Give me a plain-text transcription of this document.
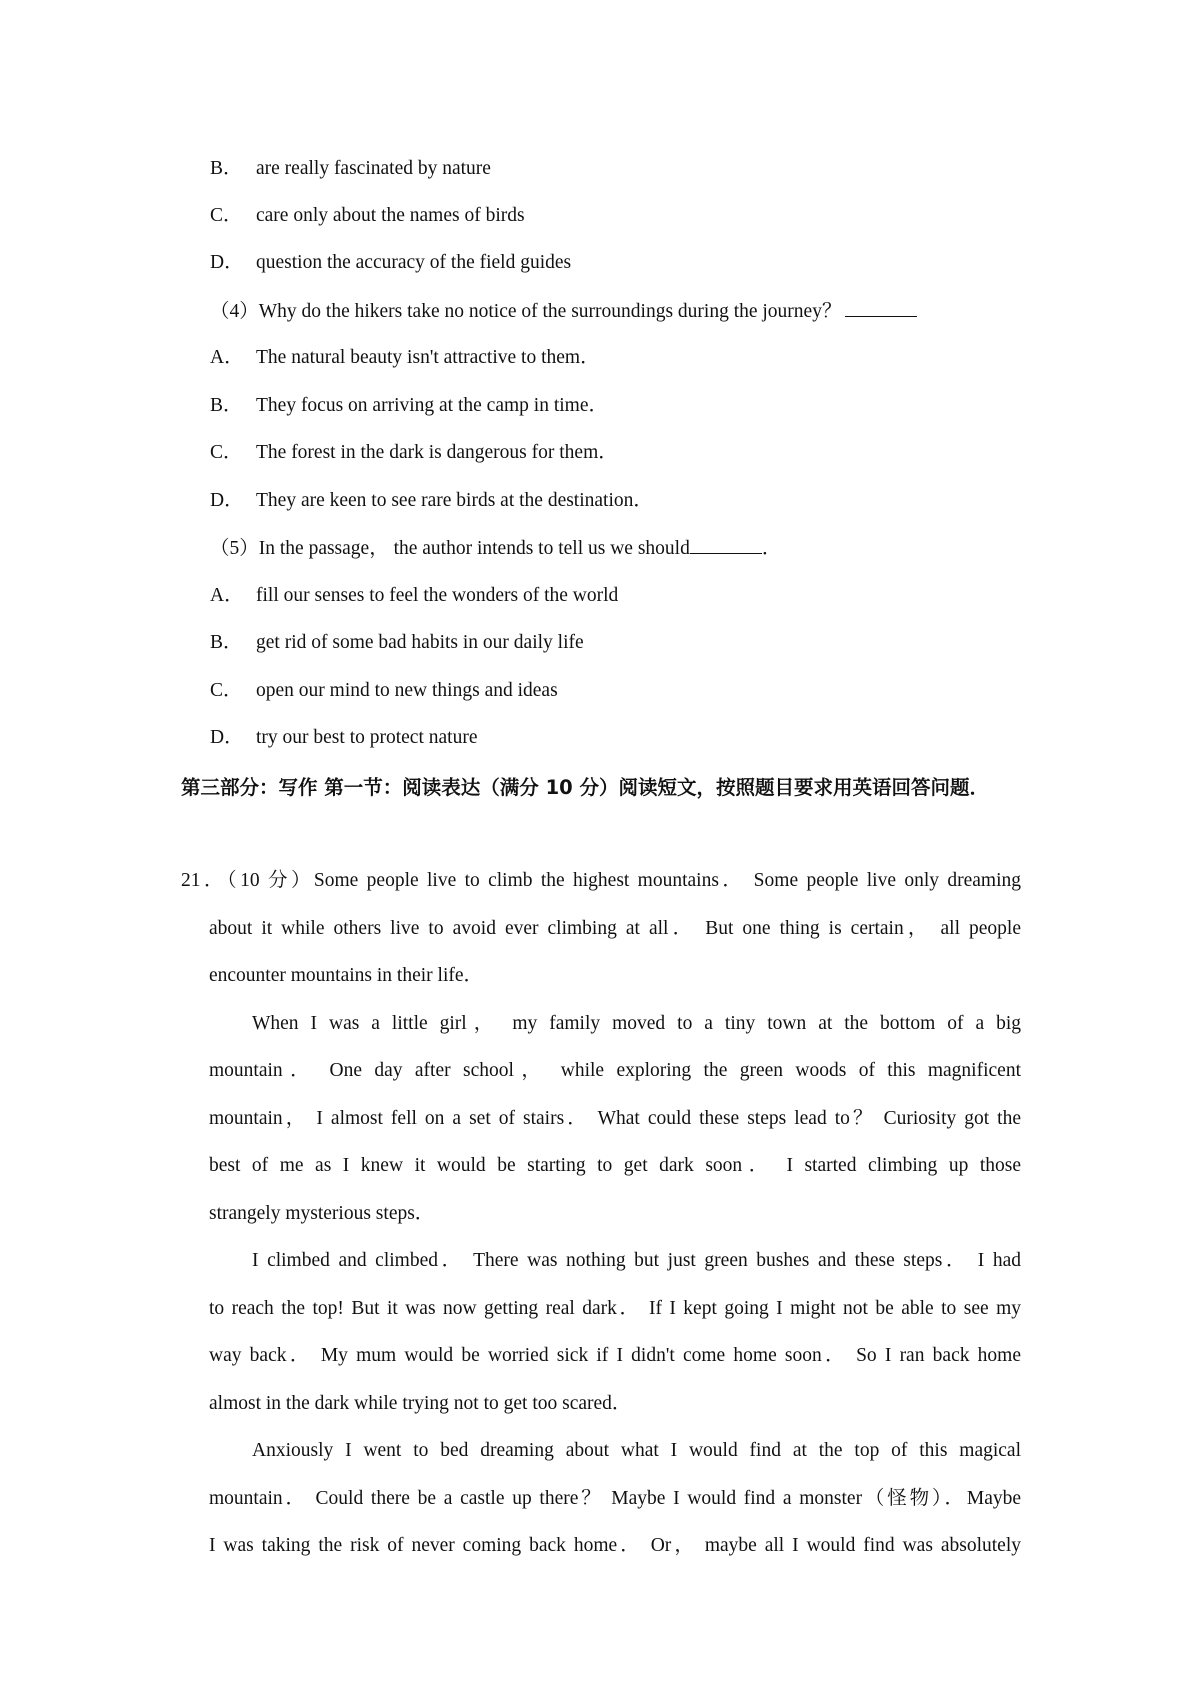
B． are really fascinated by nature
C． care only about the names of birds
D． question the accuracy of the field guides
（4）Why do the hikers take no notice of the surroundings during the journey？
A． The natural beauty isn't attractive to them．
B． They focus on arriving at the camp in time．
C． The forest in the dark is dangerous for them．
D． They are keen to see rare birds at the destination．
（5）In the passage， the author intends to tell us we should	．
A． fill our senses to feel the wonders of the world
B． get rid of some bad habits in our daily life
C． open our mind to new things and ideas
D． try our best to protect nature
第三部分：写作 第一节：阅读表达（满分 10 分）阅读短文，按照题目要求用英语回答问题．
21．（10 分）Some people live to climb the highest mountains． Some people live only dreaming
about it while others live to avoid ever climbing at all． But one thing is certain， all people
encounter mountains in their life．
When I was a little girl， my family moved to a tiny town at the bottom of a big
mountain． One day after school， while exploring the green woods of this magnificent
mountain， I almost fell on a set of stairs． What could these steps lead to？ Curiosity got the
best of me as I knew it would be starting to get dark soon． I started climbing up those
strangely mysterious steps．
I climbed and climbed． There was nothing but just green bushes and these steps． I had
to reach the top! But it was now getting real dark． If I kept going I might not be able to see my
way back． My mum would be worried sick if I didn't come home soon． So I ran back home
almost in the dark while trying not to get too scared．
Anxiously I went to bed dreaming about what I would find at the top of this magical
mountain． Could there be a castle up there？ Maybe I would find a monster（怪物）．Maybe
I was taking the risk of never coming back home． Or， maybe all I would find was absolutely
